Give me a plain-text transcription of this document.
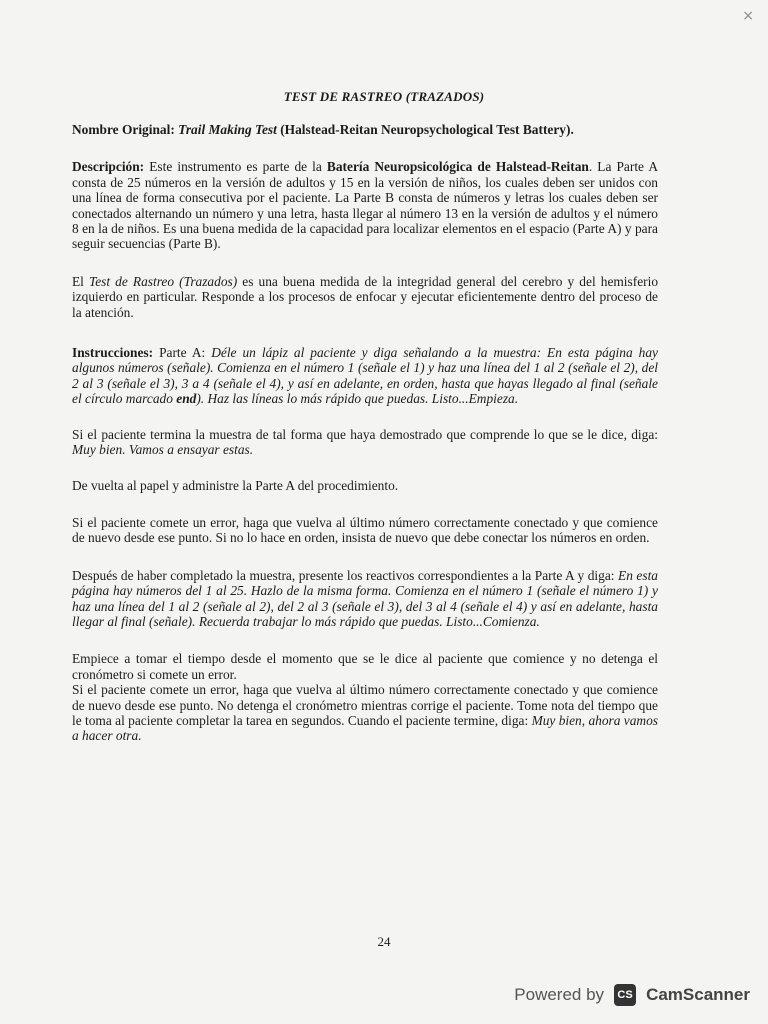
×
TEST DE RASTREO (TRAZADOS)

Nombre Original: Trail Making Test (Halstead-Reitan Neuropsychological Test Battery).

Descripción: Este instrumento es parte de la Batería Neuropsicológica de Halstead-Reitan. La Parte A consta de 25 números en la versión de adultos y 15 en la versión de niños, los cuales deben ser unidos con una línea de forma consecutiva por el paciente. La Parte B consta de números y letras los cuales deben ser conectados alternando un número y una letra, hasta llegar al número 13 en la versión de adultos y el número 8 en la de niños. Es una buena medida de la capacidad para localizar elementos en el espacio (Parte A) y para seguir secuencias (Parte B).

El Test de Rastreo (Trazados) es una buena medida de la integridad general del cerebro y del hemisferio izquierdo en particular. Responde a los procesos de enfocar y ejecutar eficientemente dentro del proceso de la atención.

Instrucciones: Parte A: Déle un lápiz al paciente y diga señalando a la muestra: En esta página hay algunos números (señale). Comienza en el número 1 (señale el 1) y haz una línea del 1 al 2 (señale el 2), del 2 al 3 (señale el 3), 3 a 4 (señale el 4), y así en adelante, en orden, hasta que hayas llegado al final (señale el círculo marcado end). Haz las líneas lo más rápido que puedas. Listo...Empieza.

Si el paciente termina la muestra de tal forma que haya demostrado que comprende lo que se le dice, diga: Muy bien. Vamos a ensayar estas.

De vuelta al papel y administre la Parte A del procedimiento.

Si el paciente comete un error, haga que vuelva al último número correctamente conectado y que comience de nuevo desde ese punto. Si no lo hace en orden, insista de nuevo que debe conectar los números en orden.

Después de haber completado la muestra, presente los reactivos correspondientes a la Parte A y diga: En esta página hay números del 1 al 25. Hazlo de la misma forma. Comienza en el número 1 (señale el número 1) y haz una línea del 1 al 2 (señale al 2), del 2 al 3 (señale el 3), del 3 al 4 (señale el 4) y así en adelante, hasta llegar al final (señale). Recuerda trabajar lo más rápido que puedas. Listo...Comienza.

Empiece a tomar el tiempo desde el momento que se le dice al paciente que comience y no detenga el cronómetro si comete un error.

Si el paciente comete un error, haga que vuelva al último número correctamente conectado y que comience de nuevo desde ese punto. No detenga el cronómetro mientras corrige el paciente. Tome nota del tiempo que le toma al paciente completar la tarea en segundos. Cuando el paciente termine, diga: Muy bien, ahora vamos a hacer otra.

24
Powered by	CS CamScanner
